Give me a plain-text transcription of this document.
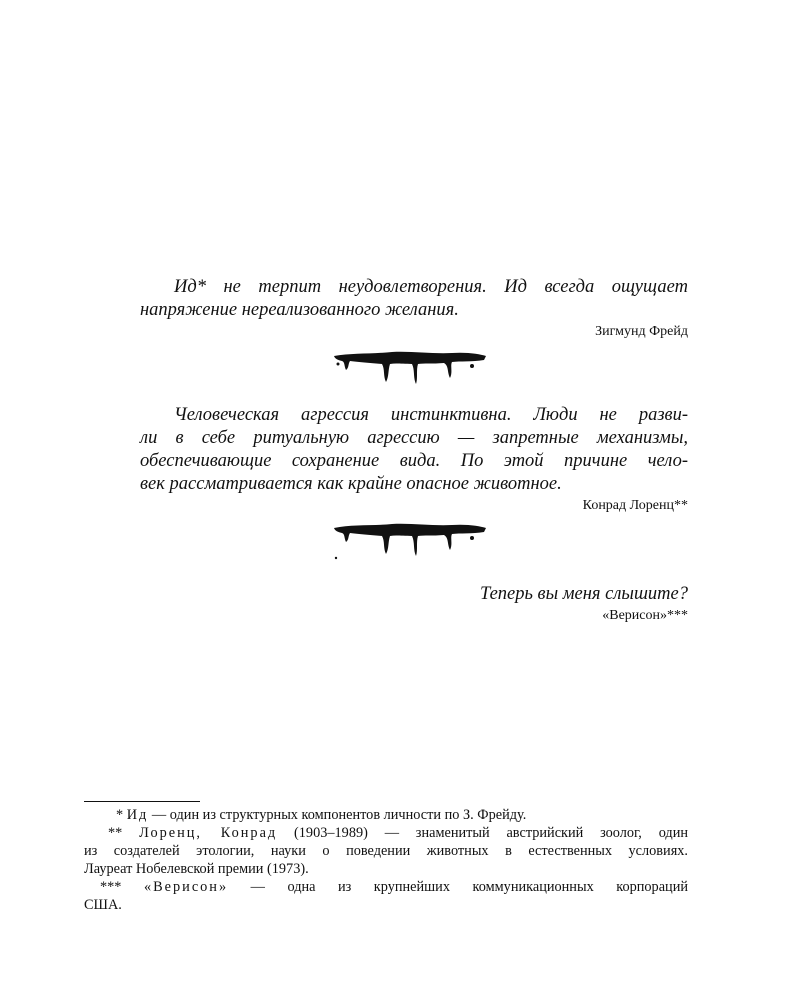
Ид* не терпит неудовлетворения. Ид всегда ощущает
напряжение нереализованного желания.
Зигмунд Фрейд
Человеческая агрессия инстинктивна. Люди не разви-
ли в себе ритуальную агрессию — запретные механизмы,
обеспечивающие сохранение вида. По этой причине чело-
век рассматривается как крайне опасное животное.
Конрад Лоренц**
Теперь вы меня слышите?
«Верисон»***
* Ид — один из структурных компонентов личности по З. Фрейду.
** Лоренц, Конрад (1903–1989) — знаменитый австрийский зоолог, один
из создателей этологии, науки о поведении животных в естественных условиях.
Лауреат Нобелевской премии (1973).
*** «Верисон» — одна из крупнейших коммуникационных корпораций
США.
